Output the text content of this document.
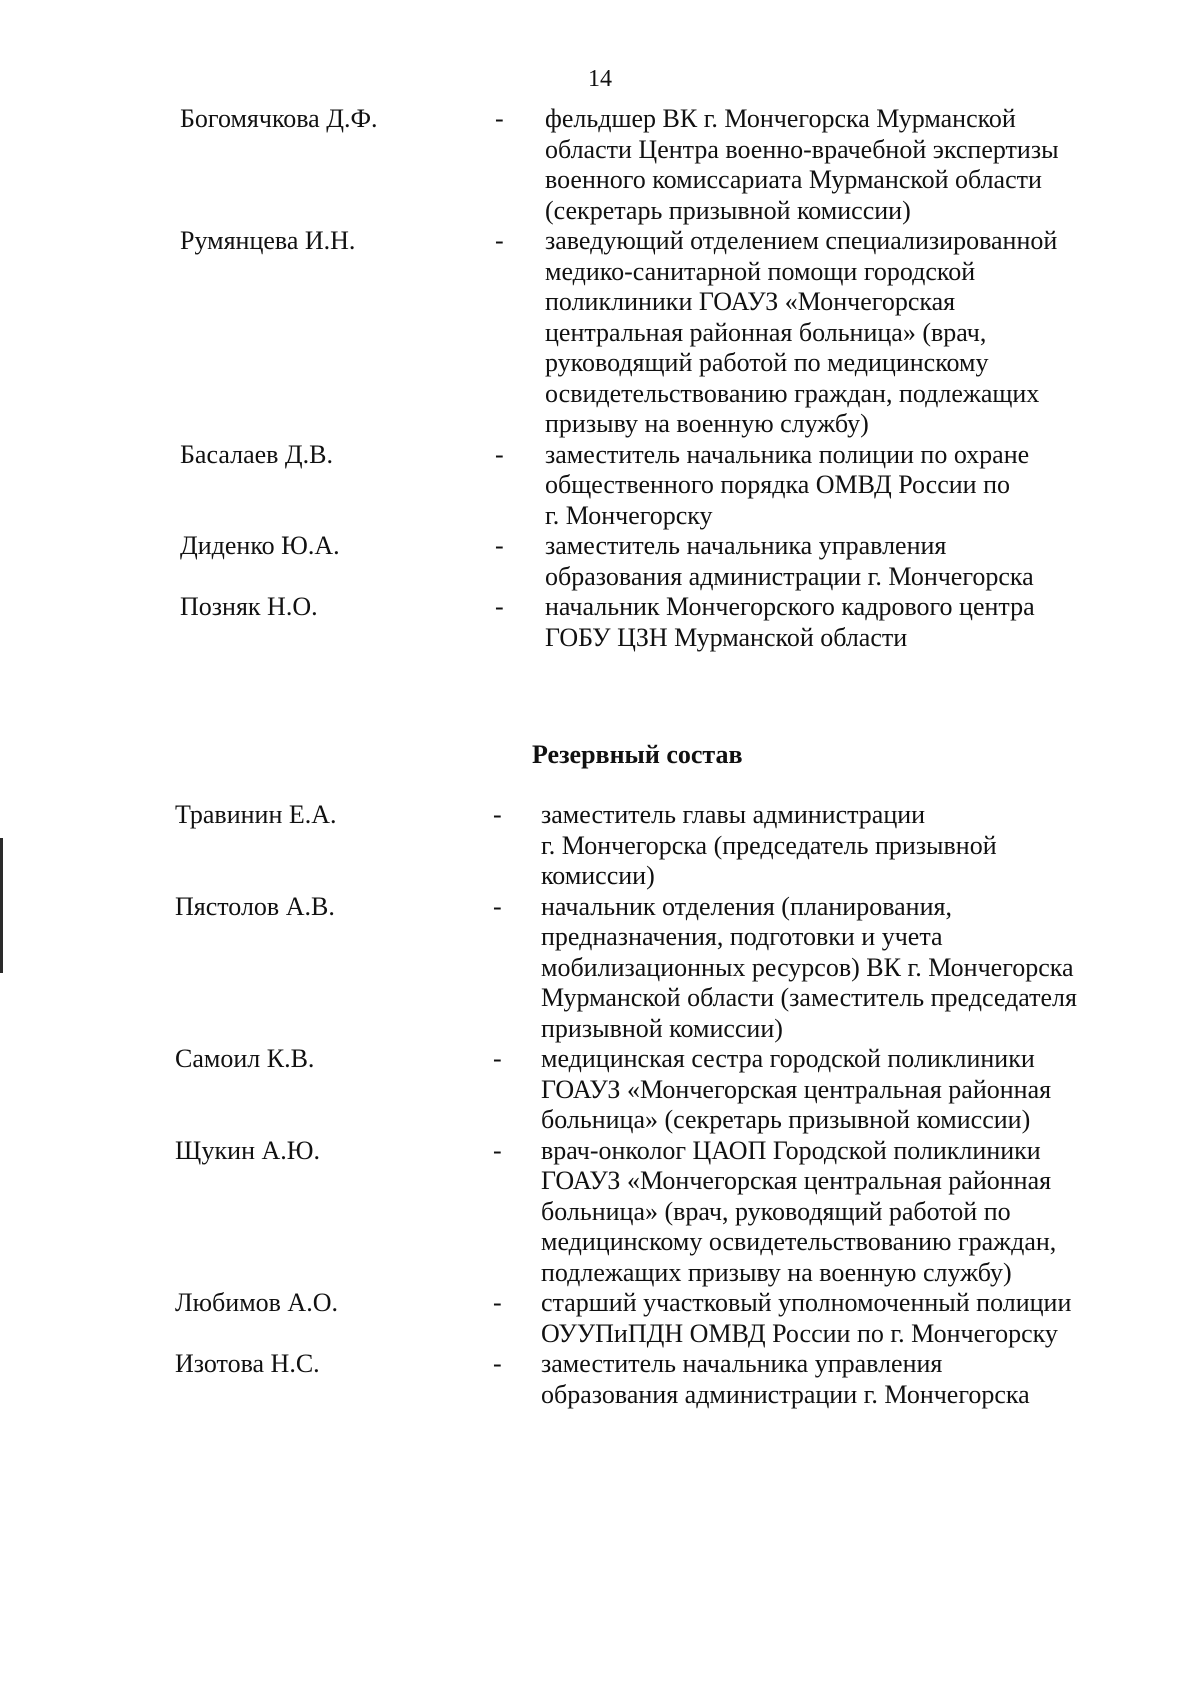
14
Богомячкова Д.Ф.	- фельдшер ВК г. Мончегорска Мурманской
области Центра военно-врачебной экспертизы
военного комиссариата Мурманской области
(секретарь призывной комиссии)
Румянцева И.Н.	- заведующий отделением специализированной
медико-санитарной помощи городской
поликлиники ГОАУЗ «Мончегорская
центральная районная больница» (врач,
руководящий работой по медицинскому
освидетельствованию граждан, подлежащих
призыву на военную службу)
Басалаев Д.В.	- заместитель начальника полиции по охране
общественного порядка ОМВД России по
г. Мончегорску
Диденко Ю.А.	- заместитель начальника управления
образования администрации г. Мончегорска
Позняк Н.О.	- начальник Мончегорского кадрового центра
ГОБУ ЦЗН Мурманской области
Резервный состав
Травинин Е.А.	- заместитель главы администрации
г. Мончегорска (председатель призывной
комиссии)
Пястолов А.В.	- начальник отделения (планирования,
предназначения, подготовки и учета
мобилизационных ресурсов) ВК г. Мончегорска
Мурманской области (заместитель председателя
призывной комиссии)
Самоил К.В.	- медицинская сестра городской поликлиники
ГОАУЗ «Мончегорская центральная районная
больница» (секретарь призывной комиссии)
Щукин А.Ю.	- врач-онколог ЦАОП Городской поликлиники
ГОАУЗ «Мончегорская центральная районная
больница» (врач, руководящий работой по
медицинскому освидетельствованию граждан,
подлежащих призыву на военную службу)
Любимов А.О.	- старший участковый уполномоченный полиции
ОУУПиПДН ОМВД России по г. Мончегорску
Изотова Н.С.	- заместитель начальника управления
образования администрации г. Мончегорска
